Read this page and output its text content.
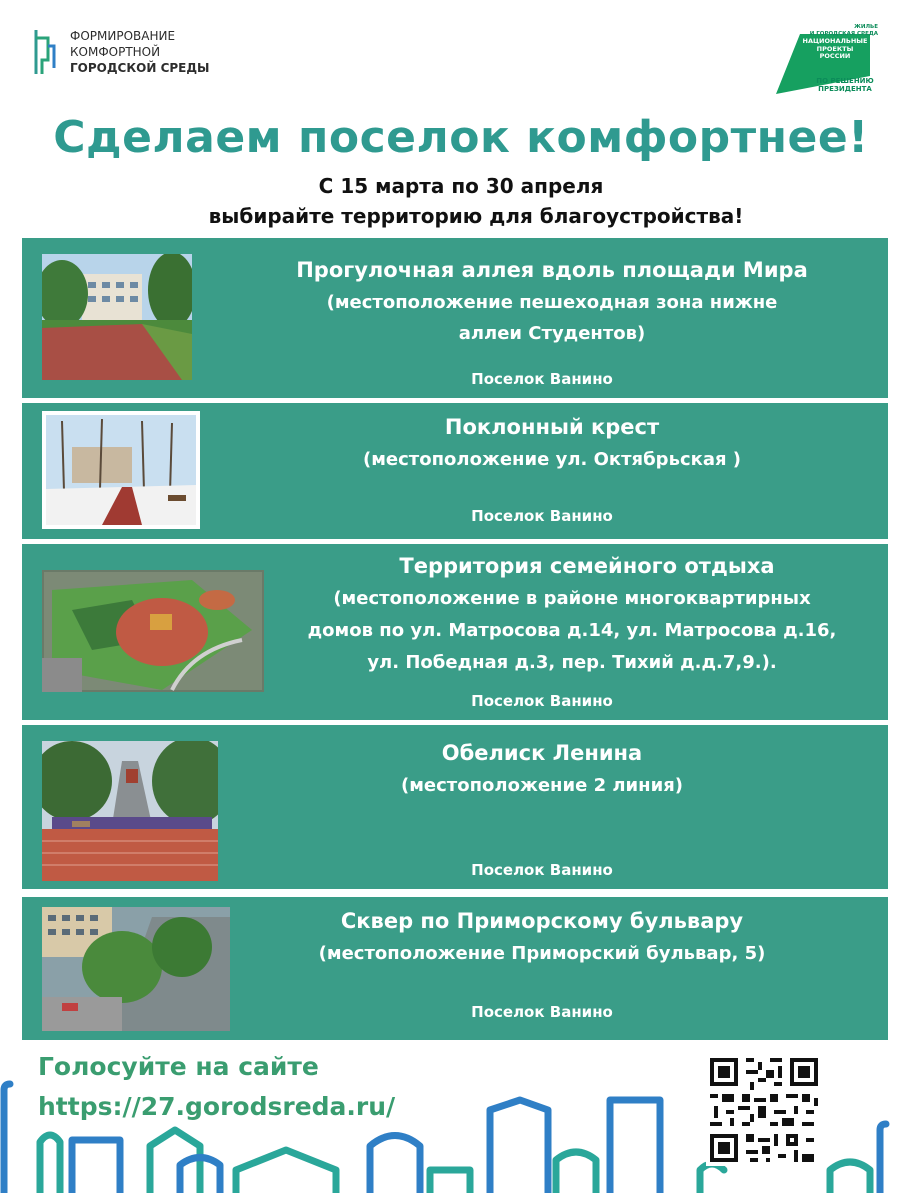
ФОРМИРОВАНИЕ
КОМФОРТНОЙ
ГОРОДСКОЙ СРЕДЫ
ЖИЛЬЕ
И ГОРОДСКАЯ СРЕДА
НАЦИОНАЛЬНЫЕ
ПРОЕКТЫ
РОССИИ
ПО РЕШЕНИЮ
ПРЕЗИДЕНТА
Сделаем поселок комфортнее!
С 15 марта по 30 апреля
выбирайте территорию для благоустройства!
Прогулочная аллея вдоль площади Мира
(местоположение пешеходная зона нижне
аллеи Студентов)
Поселок Ванино
Поклонный крест
(местоположение ул. Октябрьская )
Поселок Ванино
Территория семейного отдыха
(местоположение в районе многоквартирных
домов по ул. Матросова д.14, ул. Матросова д.16,
ул. Победная д.3, пер. Тихий д.д.7,9.).
Поселок Ванино
Обелиск Ленина
(местоположение 2 линия)
Поселок Ванино
Сквер по Приморскому бульвару
(местоположение Приморский бульвар, 5)
Поселок Ванино
Голосуйте на сайте
https://27.gorodsreda.ru/
